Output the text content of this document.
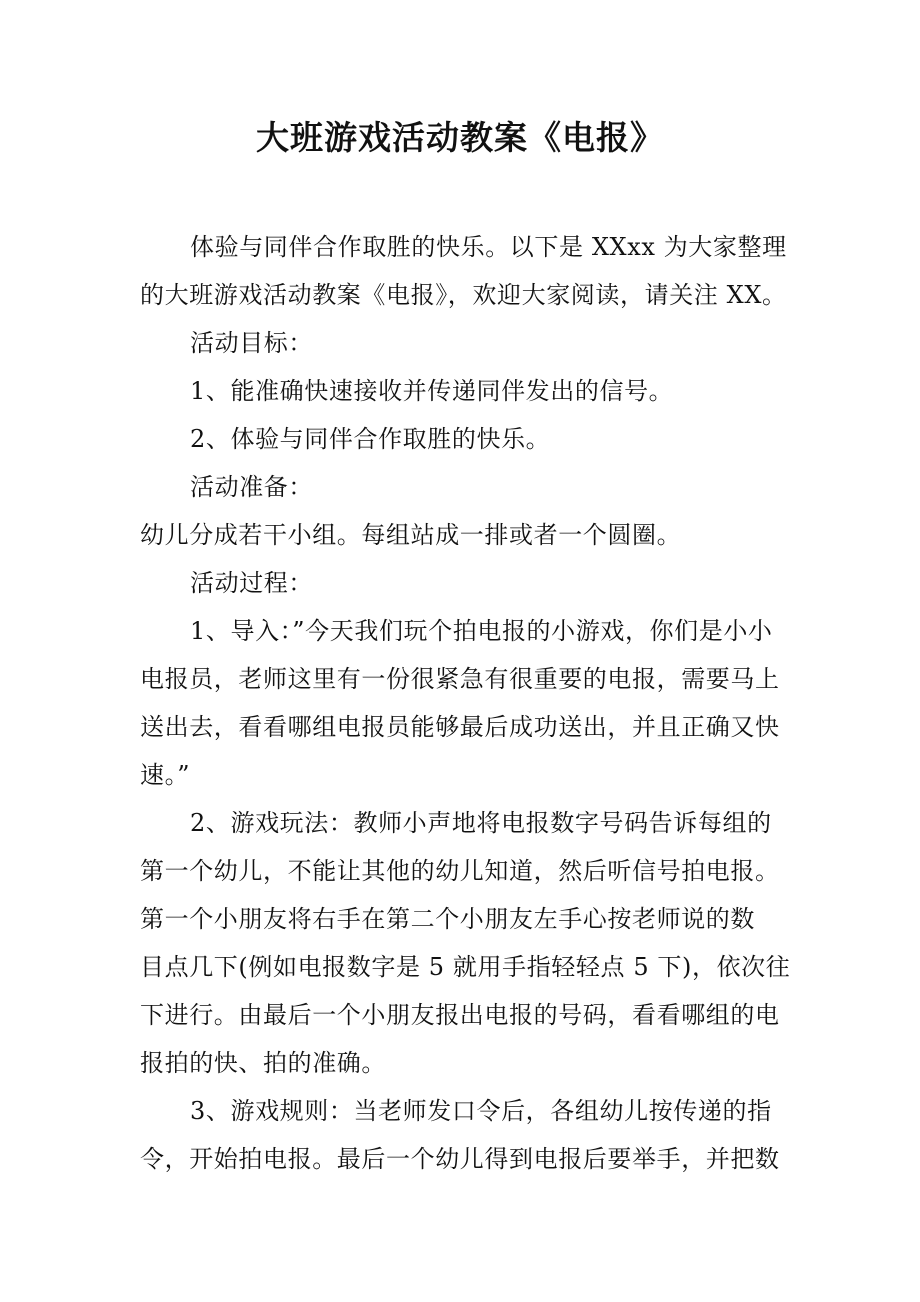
大班游戏活动教案《电报》
体验与同伴合作取胜的快乐。以下是 XXxx 为大家整理
的大班游戏活动教案《电报》，欢迎大家阅读，请关注 XX。
活动目标：
1、能准确快速接收并传递同伴发出的信号。
2、体验与同伴合作取胜的快乐。
活动准备：
幼儿分成若干小组。每组站成一排或者一个圆圈。
活动过程：
1、导入：”今天我们玩个拍电报的小游戏，你们是小小
电报员，老师这里有一份很紧急有很重要的电报，需要马上
送出去，看看哪组电报员能够最后成功送出，并且正确又快
速。”
2、游戏玩法：教师小声地将电报数字号码告诉每组的
第一个幼儿，不能让其他的幼儿知道，然后听信号拍电报。
第一个小朋友将右手在第二个小朋友左手心按老师说的数
目点几下(例如电报数字是 5 就用手指轻轻点 5 下)，依次往
下进行。由最后一个小朋友报出电报的号码，看看哪组的电
报拍的快、拍的准确。
3、游戏规则：当老师发口令后，各组幼儿按传递的指
令，开始拍电报。最后一个幼儿得到电报后要举手，并把数
